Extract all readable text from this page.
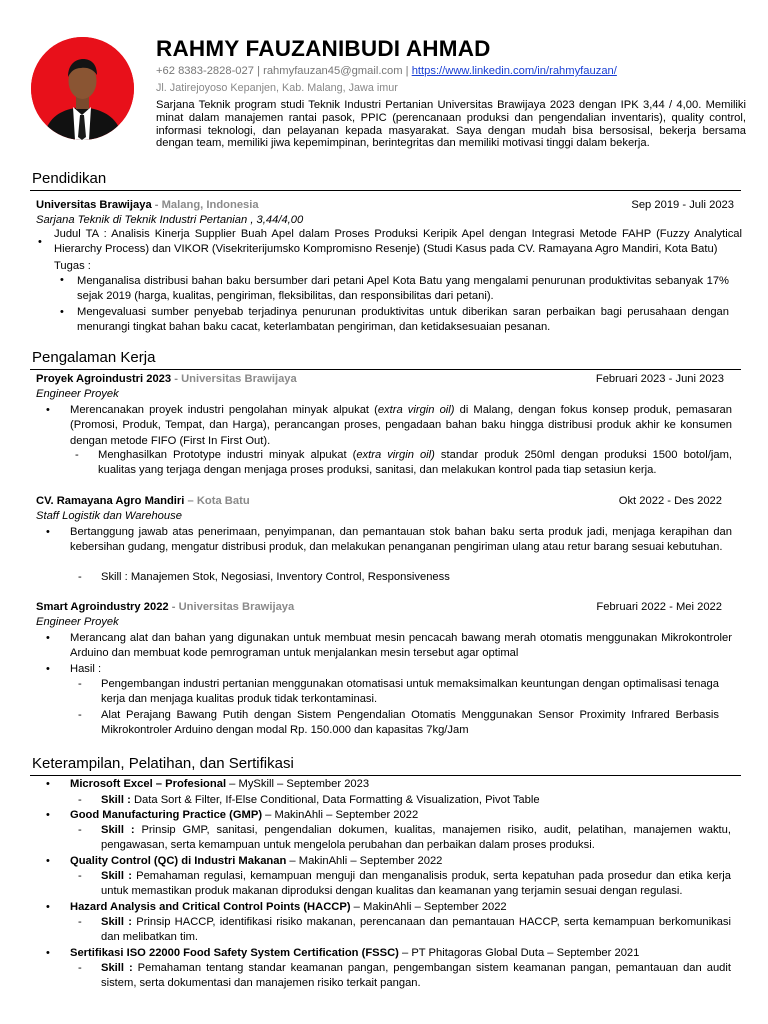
RAHMY FAUZANIBUDI AHMAD
+62 8383-2828-027 | rahmyfauzan45@gmail.com | https://www.linkedin.com/in/rahmyfauzan/
Jl. Jatirejoyoso Kepanjen, Kab. Malang, Jawa imur
Sarjana Teknik program studi Teknik Industri Pertanian Universitas Brawijaya 2023 dengan IPK 3,44 / 4,00. Memiliki minat dalam manajemen rantai pasok, PPIC (perencanaan produksi dan pengendalian inventaris), quality control, informasi teknologi, dan pelayanan kepada masyarakat. Saya dengan mudah bisa bersosisal, bekerja bersama dengan team, memiliki jiwa kepemimpinan, berintegritas dan memiliki motivasi tinggi dalam bekerja.
Pendidikan
Universitas Brawijaya - Malang, Indonesia	Sep 2019 - Juli 2023
Sarjana Teknik di Teknik Industri Pertanian , 3,44/4,00
•
Judul TA : Analisis Kinerja Supplier Buah Apel dalam Proses Produksi Keripik Apel dengan Integrasi Metode FAHP (Fuzzy Analytical Hierarchy Process) dan VIKOR (Visekriterijumsko Kompromisno Resenje) (Studi Kasus pada CV. Ramayana Agro Mandiri, Kota Batu)
Tugas :
• Menganalisa distribusi bahan baku bersumber dari petani Apel Kota Batu yang mengalami penurunan produktivitas sebanyak 17% sejak 2019 (harga, kualitas, pengiriman, fleksibilitas, dan responsibilitas dari petani).
• Mengevaluasi sumber penyebab terjadinya penurunan produktivitas untuk diberikan saran perbaikan bagi perusahaan dengan menurangi tingkat bahan baku cacat, keterlambatan pengiriman, dan ketidaksesuaian pesanan.
Pengalaman Kerja
Proyek Agroindustri 2023 - Universitas Brawijaya	Februari 2023 - Juni 2023
Engineer Proyek
• Merencanakan proyek industri pengolahan minyak alpukat (extra virgin oil) di Malang, dengan fokus konsep produk, pemasaran (Promosi, Produk, Tempat, dan Harga), perancangan proses, pengadaan bahan baku hingga distribusi produk akhir ke konsumen dengan metode FIFO (First In First Out).
- Menghasilkan Prototype industri minyak alpukat (extra virgin oil) standar produk 250ml dengan produksi 1500 botol/jam, kualitas yang terjaga dengan menjaga proses produksi, sanitasi, dan melakukan kontrol pada tiap setasiun kerja.
CV. Ramayana Agro Mandiri – Kota Batu	Okt 2022 - Des 2022
Staff Logistik dan Warehouse
• Bertanggung jawab atas penerimaan, penyimpanan, dan pemantauan stok bahan baku serta produk jadi, menjaga kerapihan dan kebersihan gudang, mengatur distribusi produk, dan melakukan penanganan pengiriman ulang atau retur barang sesuai kebutuhan.
- Skill : Manajemen Stok, Negosiasi, Inventory Control, Responsiveness
Smart Agroindustry 2022 - Universitas Brawijaya	Februari 2022 - Mei 2022
Engineer Proyek
• Merancang alat dan bahan yang digunakan untuk membuat mesin pencacah bawang merah otomatis menggunakan Mikrokontroler Arduino dan membuat kode pemrograman untuk menjalankan mesin tersebut agar optimal
• Hasil :
- Pengembangan industri pertanian menggunakan otomatisasi untuk memaksimalkan keuntungan dengan optimalisasi tenaga kerja dan menjaga kualitas produk tidak terkontaminasi.
- Alat Perajang Bawang Putih dengan Sistem Pengendalian Otomatis Menggunakan Sensor Proximity Infrared Berbasis Mikrokontroler Arduino dengan modal Rp. 150.000 dan kapasitas 7kg/Jam
Keterampilan, Pelatihan, dan Sertifikasi
• Microsoft Excel – Profesional – MySkill – September 2023
- Skill : Data Sort & Filter, If-Else Conditional, Data Formatting & Visualization, Pivot Table
• Good Manufacturing Practice (GMP) – MakinAhli – September 2022
- Skill : Prinsip GMP, sanitasi, pengendalian dokumen, kualitas, manajemen risiko, audit, pelatihan, manajemen waktu, pengawasan, serta kemampuan untuk mengelola perubahan dan perbaikan dalam proses produksi.
• Quality Control (QC) di Industri Makanan – MakinAhli – September 2022
- Skill : Pemahaman regulasi, kemampuan menguji dan menganalisis produk, serta kepatuhan pada prosedur dan etika kerja untuk memastikan produk makanan diproduksi dengan kualitas dan keamanan yang terjamin sesuai dengan regulasi.
• Hazard Analysis and Critical Control Points (HACCP) – MakinAhli – September 2022
- Skill : Prinsip HACCP, identifikasi risiko makanan, perencanaan dan pemantauan HACCP, serta kemampuan berkomunikasi dan melibatkan tim.
• Sertifikasi ISO 22000 Food Safety System Certification (FSSC) – PT Phitagoras Global Duta – September 2021
- Skill : Pemahaman tentang standar keamanan pangan, pengembangan sistem keamanan pangan, pemantauan dan audit sistem, serta dokumentasi dan manajemen risiko terkait pangan.
